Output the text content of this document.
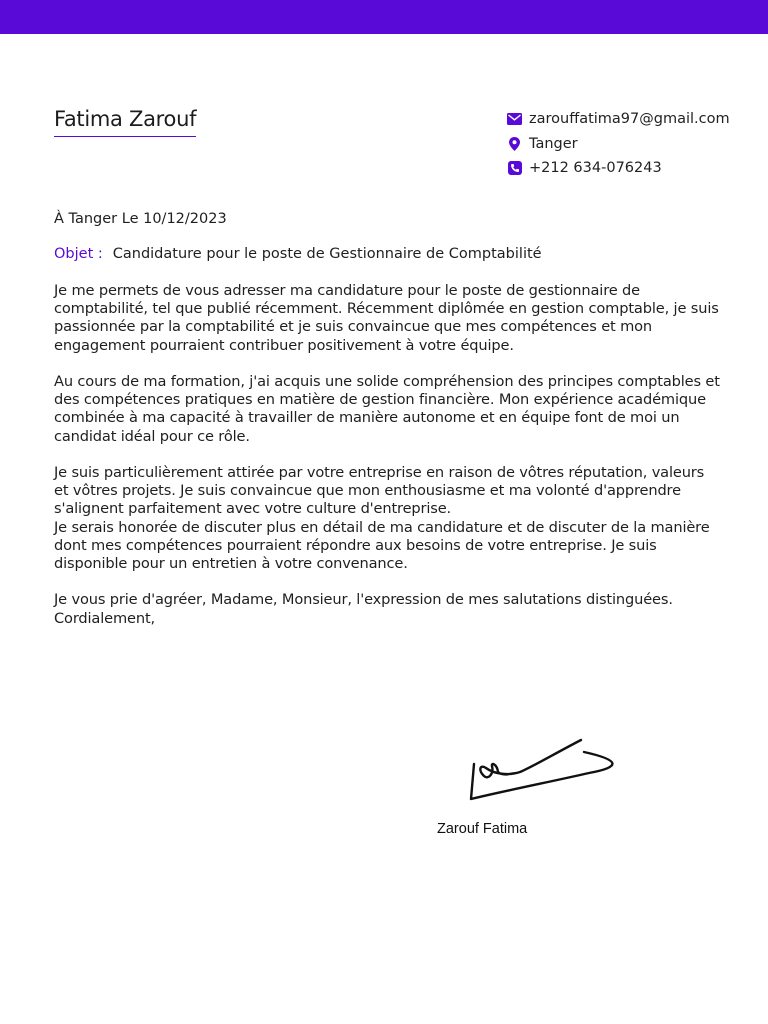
Fatima Zarouf	zarouffatima97@gmail.com
Tanger
+212 634-076243
À Tanger Le 10/12/2023
Objet : Candidature pour le poste de Gestionnaire de Comptabilité

Je me permets de vous adresser ma candidature pour le poste de gestionnaire de comptabilité, tel que publié récemment. Récemment diplômée en gestion comptable, je suis passionnée par la comptabilité et je suis convaincue que mes compétences et mon engagement pourraient contribuer positivement à votre équipe.

Au cours de ma formation, j'ai acquis une solide compréhension des principes comptables et des compétences pratiques en matière de gestion financière. Mon expérience académique combinée à ma capacité à travailler de manière autonome et en équipe font de moi un candidat idéal pour ce rôle.

Je suis particulièrement attirée par votre entreprise en raison de vôtres réputation, valeurs et vôtres projets. Je suis convaincue que mon enthousiasme et ma volonté d'apprendre s'alignent parfaitement avec votre culture d'entreprise.

Je serais honorée de discuter plus en détail de ma candidature et de discuter de la manière dont mes compétences pourraient répondre aux besoins de votre entreprise. Je suis disponible pour un entretien à votre convenance.

Je vous prie d'agréer, Madame, Monsieur, l'expression de mes salutations distinguées.

Cordialement,

Zarouf Fatima
